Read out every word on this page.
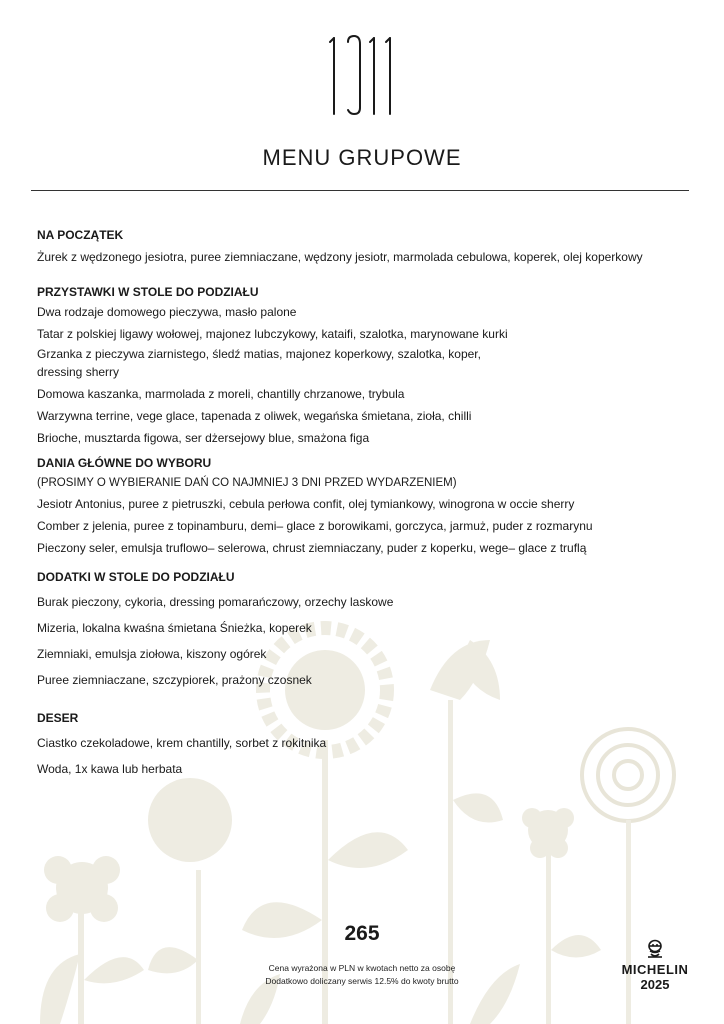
MENU GRUPOWE
NA POCZĄTEK
Żurek z wędzonego jesiotra, puree ziemniaczane, wędzony jesiotr, marmolada cebulowa, koperek, olej koperkowy
PRZYSTAWKI W STOLE DO PODZIAŁU
Dwa rodzaje domowego pieczywa, masło palone
Tatar z polskiej ligawy wołowej, majonez lubczykowy, kataifi, szalotka, marynowane kurki
Grzanka z pieczywa ziarnistego, śledź matias, majonez koperkowy, szalotka, koper,
dressing sherry
Domowa kaszanka, marmolada z moreli, chantilly chrzanowe, trybula
Warzywna terrine, vege glace, tapenada z oliwek, wegańska śmietana, zioła, chilli
Brioche, musztarda figowa, ser dżersejowy blue, smażona figa
DANIA GŁÓWNE DO WYBORU
(PROSIMY O WYBIERANIE DAŃ CO NAJMNIEJ 3 DNI PRZED WYDARZENIEM)
Jesiotr Antonius, puree z pietruszki, cebula perłowa confit, olej tymiankowy, winogrona w occie sherry
Comber z jelenia, puree z topinamburu, demi– glace z borowikami, gorczyca, jarmuż, puder z rozmarynu
Pieczony seler, emulsja truflowo– selerowa, chrust ziemniaczany, puder z koperku, wege– glace z truflą
DODATKI W STOLE DO PODZIAŁU
Burak pieczony, cykoria, dressing pomarańczowy, orzechy laskowe
Mizeria, lokalna kwaśna śmietana Śnieżka, koperek
Ziemniaki, emulsja ziołowa, kiszony ogórek
Puree ziemniaczane, szczypiorek, prażony czosnek
DESER
Ciastko czekoladowe, krem chantilly, sorbet z rokitnika
Woda, 1x kawa lub herbata
265
Cena wyrażona w PLN w kwotach netto za osobę
Dodatkowo doliczany serwis 12.5% do kwoty brutto
MICHELIN
2025
